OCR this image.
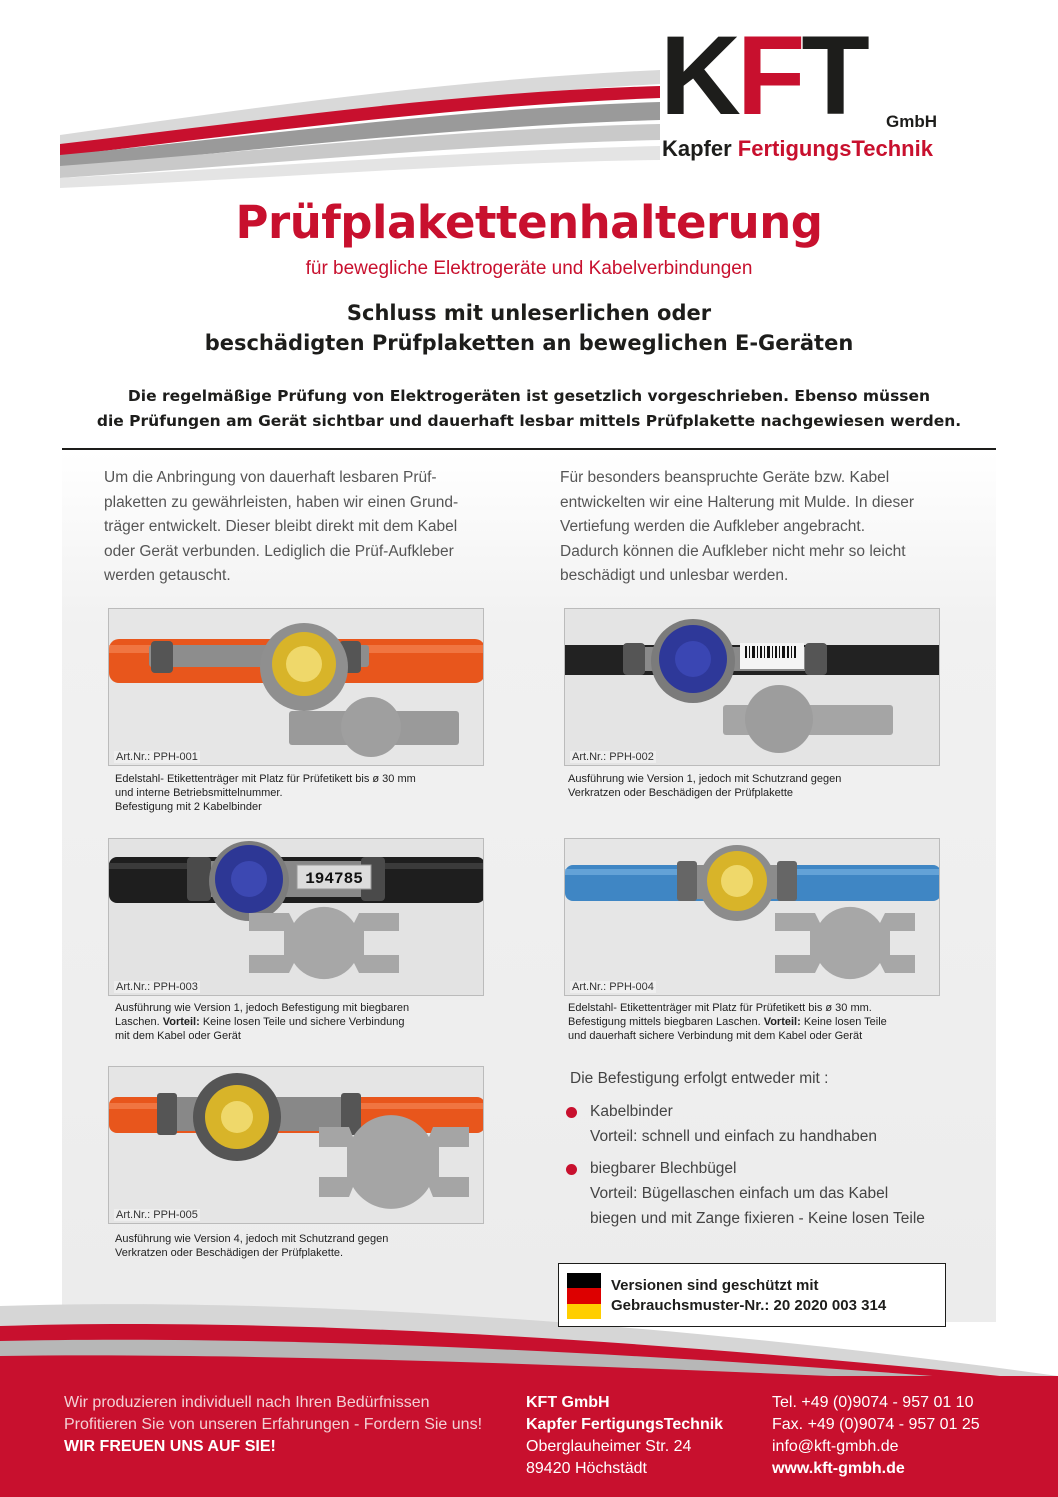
KFT GmbH
Kapfer FertigungsTechnik
Prüfplakettenhalterung
für bewegliche Elektrogeräte und Kabelverbindungen
Schluss mit unleserlichen oder
beschädigten Prüfplaketten an beweglichen E-Geräten
Die regelmäßige Prüfung von Elektrogeräten ist gesetzlich vorgeschrieben. Ebenso müssen
die Prüfungen am Gerät sichtbar und dauerhaft lesbar mittels Prüfplakette nachgewiesen werden.
Um die Anbringung von dauerhaft lesbaren Prüf-
plaketten zu gewährleisten, haben wir einen Grund-
träger entwickelt. Dieser bleibt direkt mit dem Kabel
oder Gerät verbunden. Lediglich die Prüf-Aufkleber
werden getauscht.
Für besonders beanspruchte Geräte bzw. Kabel
entwickelten wir eine Halterung mit Mulde. In dieser
Vertiefung werden die Aufkleber angebracht.
Dadurch können die Aufkleber nicht mehr so leicht
beschädigt und unlesbar werden.
Art.Nr.: PPH-001
Edelstahl- Etikettenträger mit Platz für Prüfetikett bis ø 30 mm
und interne Betriebsmittelnummer.
Befestigung mit 2 Kabelbinder
Art.Nr.: PPH-002
Ausführung wie Version 1, jedoch mit Schutzrand gegen
Verkratzen oder Beschädigen der Prüfplakette
194785
Art.Nr.: PPH-003
Ausführung wie Version 1, jedoch Befestigung mit biegbaren
Laschen. Vorteil: Keine losen Teile und sichere Verbindung
mit dem Kabel oder Gerät
Art.Nr.: PPH-004
Edelstahl- Etikettenträger mit Platz für Prüfetikett bis ø 30 mm.
Befestigung mittels biegbaren Laschen. Vorteil: Keine losen Teile
und dauerhaft sichere Verbindung mit dem Kabel oder Gerät
Art.Nr.: PPH-005
Ausführung wie Version 4, jedoch mit Schutzrand gegen
Verkratzen oder Beschädigen der Prüfplakette.
Die Befestigung erfolgt entweder mit :
Kabelbinder
Vorteil: schnell und einfach zu handhaben
biegbarer Blechbügel
Vorteil: Bügellaschen einfach um das Kabel
biegen und mit Zange fixieren - Keine losen Teile
Versionen sind geschützt mit
Gebrauchsmuster-Nr.: 20 2020 003 314
Wir produzieren individuell nach Ihren Bedürfnissen
Profitieren Sie von unseren Erfahrungen - Fordern Sie uns!
WIR FREUEN UNS AUF SIE!
KFT GmbH
Kapfer FertigungsTechnik
Oberglauheimer Str. 24
89420 Höchstädt
Tel. +49 (0)9074 - 957 01 10
Fax. +49 (0)9074 - 957 01 25
info@kft-gmbh.de
www.kft-gmbh.de
